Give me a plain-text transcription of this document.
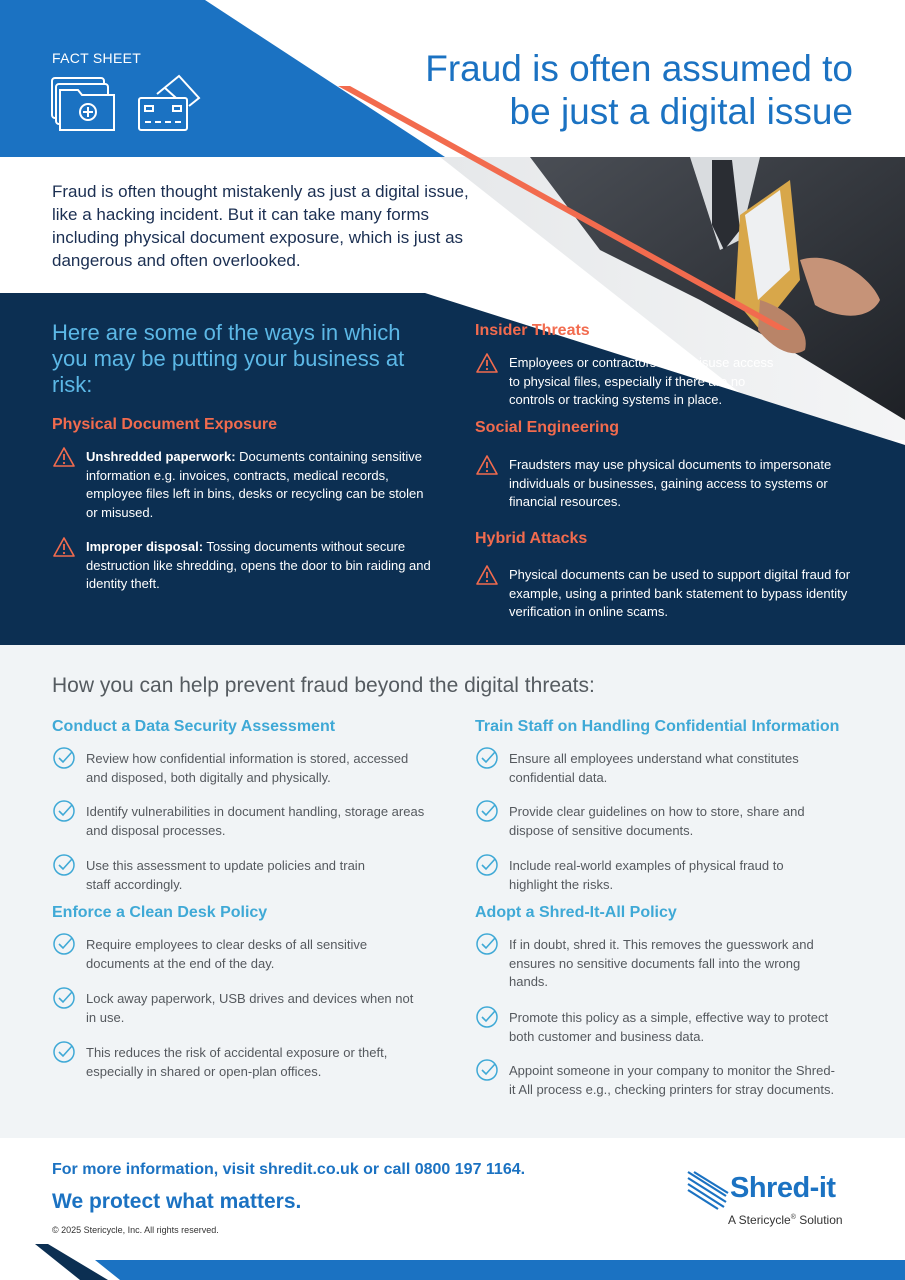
FACT SHEET	Fraud is often assumed to
be just a digital issue

Fraud is often thought mistakenly as just a digital issue, like a hacking incident. But it can take many forms including physical document exposure, which is just as dangerous and often overlooked.

Here are some of the ways in which you may be putting your business at risk:
Physical Document Exposure
Unshredded paperwork: Documents containing sensitive information e.g. invoices, contracts, medical records, employee files left in bins, desks or recycling can be stolen or misused.
Improper disposal: Tossing documents without secure destruction like shredding, opens the door to bin raiding and identity theft.
Insider Threats
Employees or contractors may misuse access to physical files, especially if there are no controls or tracking systems in place.
Social Engineering
Fraudsters may use physical documents to impersonate individuals or businesses, gaining access to systems or financial resources.
Hybrid Attacks
Physical documents can be used to support digital fraud for example, using a printed bank statement to bypass identity verification in online scams.
How you can help prevent fraud beyond the digital threats:
Conduct a Data Security Assessment
Review how confidential information is stored, accessed and disposed, both digitally and physically.
Identify vulnerabilities in document handling, storage areas and disposal processes.
Use this assessment to update policies and train staff accordingly.
Enforce a Clean Desk Policy
Require employees to clear desks of all sensitive documents at the end of the day.
Lock away paperwork, USB drives and devices when not in use.
This reduces the risk of accidental exposure or theft, especially in shared or open-plan offices.
Train Staff on Handling Confidential Information
Ensure all employees understand what constitutes confidential data.
Provide clear guidelines on how to store, share and dispose of sensitive documents.
Include real-world examples of physical fraud to highlight the risks.
Adopt a Shred-It-All Policy
If in doubt, shred it. This removes the guesswork and ensures no sensitive documents fall into the wrong hands.
Promote this policy as a simple, effective way to protect both customer and business data.
Appoint someone in your company to monitor the Shred-it All process e.g., checking printers for stray documents.
For more information, visit shredit.co.uk or call 0800 197 1164.
We protect what matters.
© 2025 Stericycle, Inc. All rights reserved.
Shred-it
A Stericycle® Solution
